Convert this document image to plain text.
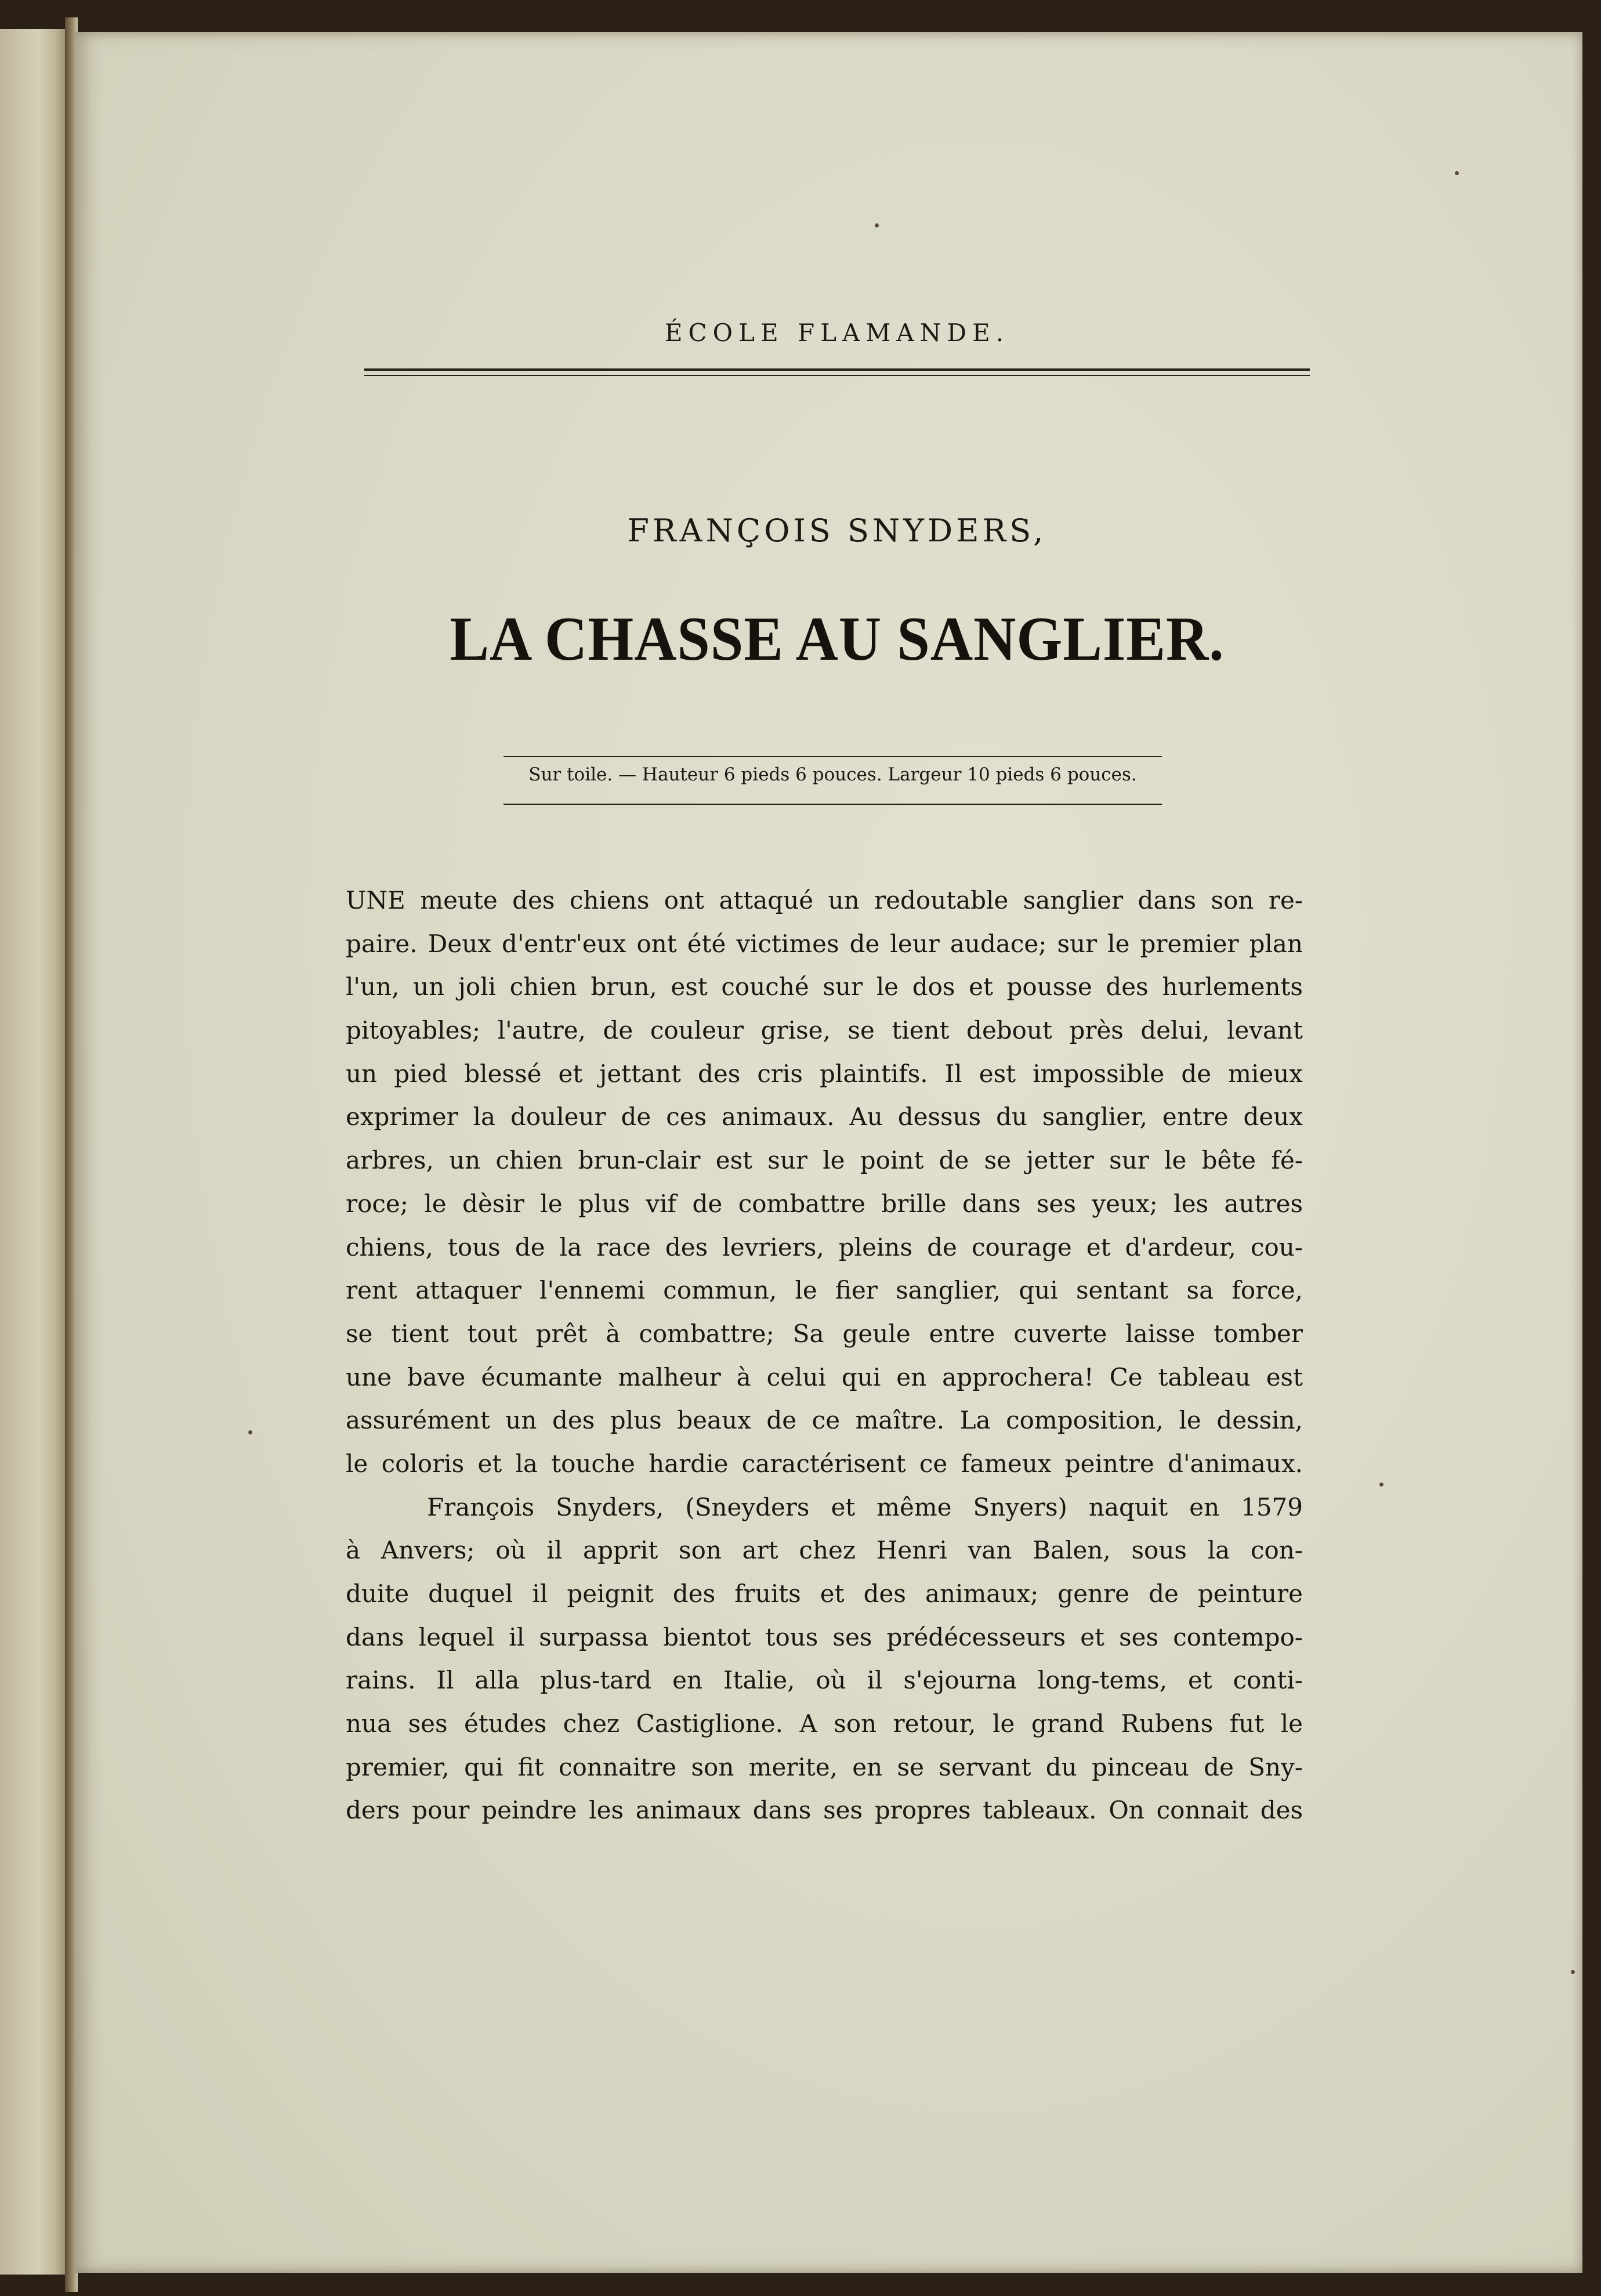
ÉCOLE FLAMANDE.
FRANÇOIS SNYDERS,
LA CHASSE AU SANGLIER.
Sur toile. — Hauteur 6 pieds 6 pouces. Largeur 10 pieds 6 pouces.
UNE meute des chiens ont attaqué un redoutable sanglier dans son re-
paire. Deux d'entr'eux ont été victimes de leur audace; sur le premier plan
l'un, un joli chien brun, est couché sur le dos et pousse des hurlements
pitoyables; l'autre, de couleur grise, se tient debout près delui, levant
un pied blessé et jettant des cris plaintifs. Il est impossible de mieux
exprimer la douleur de ces animaux. Au dessus du sanglier, entre deux
arbres, un chien brun-clair est sur le point de se jetter sur le bête fé-
roce; le dèsir le plus vif de combattre brille dans ses yeux; les autres
chiens, tous de la race des levriers, pleins de courage et d'ardeur, cou-
rent attaquer l'ennemi commun, le fier sanglier, qui sentant sa force,
se tient tout prêt à combattre; Sa geule entre cuverte laisse tomber
une bave écumante malheur à celui qui en approchera! Ce tableau est
assurément un des plus beaux de ce maître. La composition, le dessin,
le coloris et la touche hardie caractérisent ce fameux peintre d'animaux.
François Snyders, (Sneyders et même Snyers) naquit en 1579
à Anvers; où il apprit son art chez Henri van Balen, sous la con-
duite duquel il peignit des fruits et des animaux; genre de peinture
dans lequel il surpassa bientot tous ses prédécesseurs et ses contempo-
rains. Il alla plus-tard en Italie, où il s'ejourna long-tems, et conti-
nua ses études chez Castiglione. A son retour, le grand Rubens fut le
premier, qui fit connaitre son merite, en se servant du pinceau de Sny-
ders pour peindre les animaux dans ses propres tableaux. On connait des
